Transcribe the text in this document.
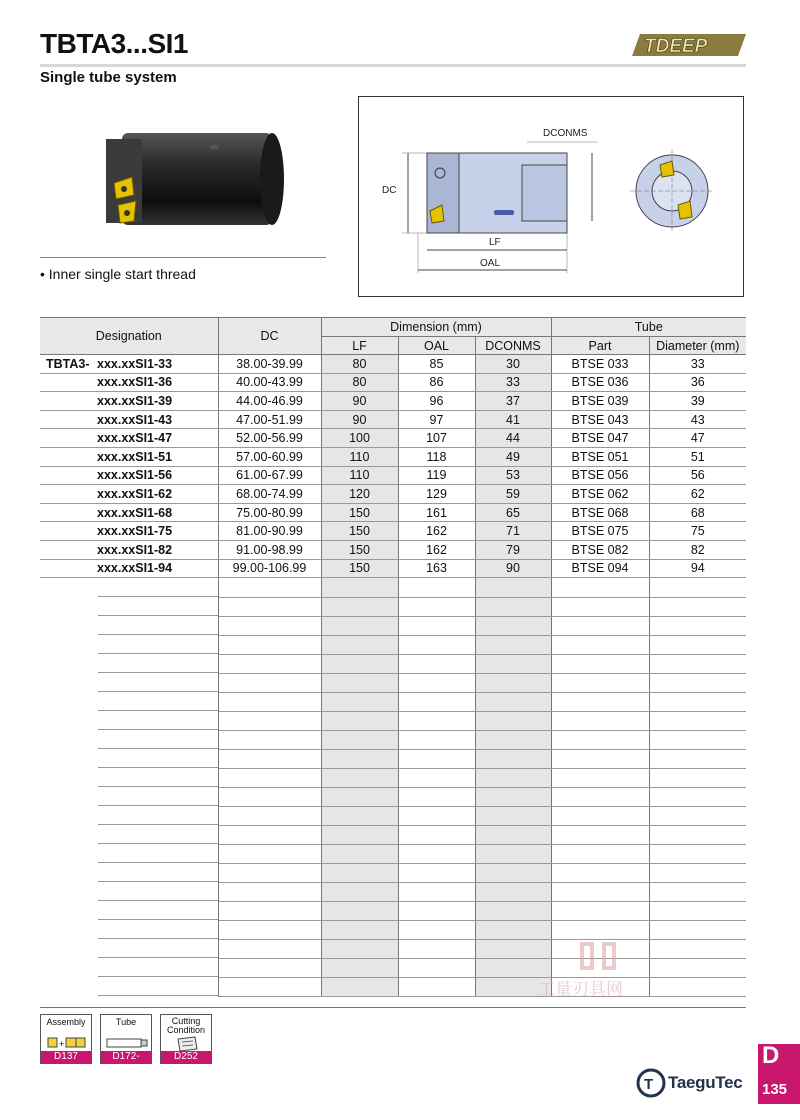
TBTA3...SI1
Single tube system
TDEEP
• Inner single start thread
DCONMS
DC
LF
OAL
Designation	DC	Dimension (mm)			Tube	
		LF	OAL	DCONMS	Part	Diameter (mm)
TBTA3- xxx.xxSI1-33	38.00-39.99	80	85	30	BTSE 033	33
xxx.xxSI1-36	40.00-43.99	80	86	33	BTSE 036	36
xxx.xxSI1-39	44.00-46.99	90	96	37	BTSE 039	39
xxx.xxSI1-43	47.00-51.99	90	97	41	BTSE 043	43
xxx.xxSI1-47	52.00-56.99	100	107	44	BTSE 047	47
xxx.xxSI1-51	57.00-60.99	110	118	49	BTSE 051	51
xxx.xxSI1-56	61.00-67.99	110	119	53	BTSE 056	56
xxx.xxSI1-62	68.00-74.99	120	129	59	BTSE 062	62
xxx.xxSI1-68	75.00-80.99	150	161	65	BTSE 068	68
xxx.xxSI1-75	81.00-90.99	150	162	71	BTSE 075	75
xxx.xxSI1-82	91.00-98.99	150	162	79	BTSE 082	82
xxx.xxSI1-94	99.00-106.99	150	163	90	BTSE 094	94

Assembly
+
D137
Tube
D172-D173
Cutting Condition
D252
工量刃具网
T TaeguTec
D
135
